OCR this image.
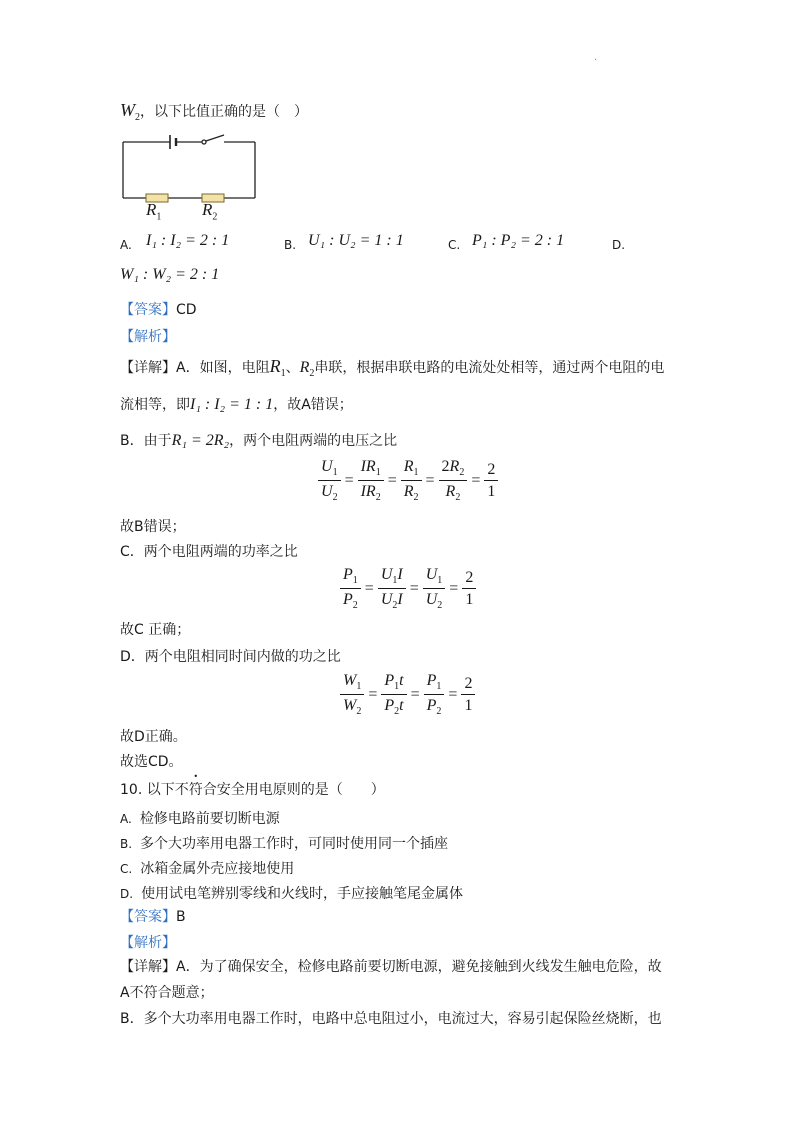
.
$W_2$，以下比值正确的是（　）
$R_1$ $R_2$
A. I₁ : I₂ = 2 : 1	B. U₁ : U₂ = 1 : 1	C. P₁ : P₂ = 2 : 1	D.
W₁ : W₂ = 2 : 1
【答案】CD
【解析】
【详解】A．如图，电阻$R_1$、$R_2$串联，根据串联电路的电流处处相等，通过两个电阻的电
流相等，即I₁ : I₂ = 1 : 1，故A错误；
B．由于R₁ = 2R₂，两个电阻两端的电压之比
$\frac{U_1}{U_2} = \frac{IR_1}{IR_2} = \frac{R_1}{R_2} = \frac{2R_2}{R_2} = \frac{2}{1}$
故B错误；
C．两个电阻两端的功率之比
$\frac{P_1}{P_2} = \frac{U_1I}{U_2I} = \frac{U_1}{U_2} = \frac{2}{1}$
故C 正确；
D．两个电阻相同时间内做的功之比
$\frac{W_1}{W_2} = \frac{P_1t}{P_2t} = \frac{P_1}{P_2} = \frac{2}{1}$
故D正确。
故选CD。
10. 以下不符合安全用电原则的是（　　）
A. 检修电路前要切断电源
B. 多个大功率用电器工作时，可同时使用同一个插座
C. 冰箱金属外壳应接地使用
D. 使用试电笔辨别零线和火线时，手应接触笔尾金属体
【答案】B
【解析】
【详解】A．为了确保安全，检修电路前要切断电源，避免接触到火线发生触电危险，故
A不符合题意；
B．多个大功率用电器工作时，电路中总电阻过小，电流过大，容易引起保险丝烧断，也
